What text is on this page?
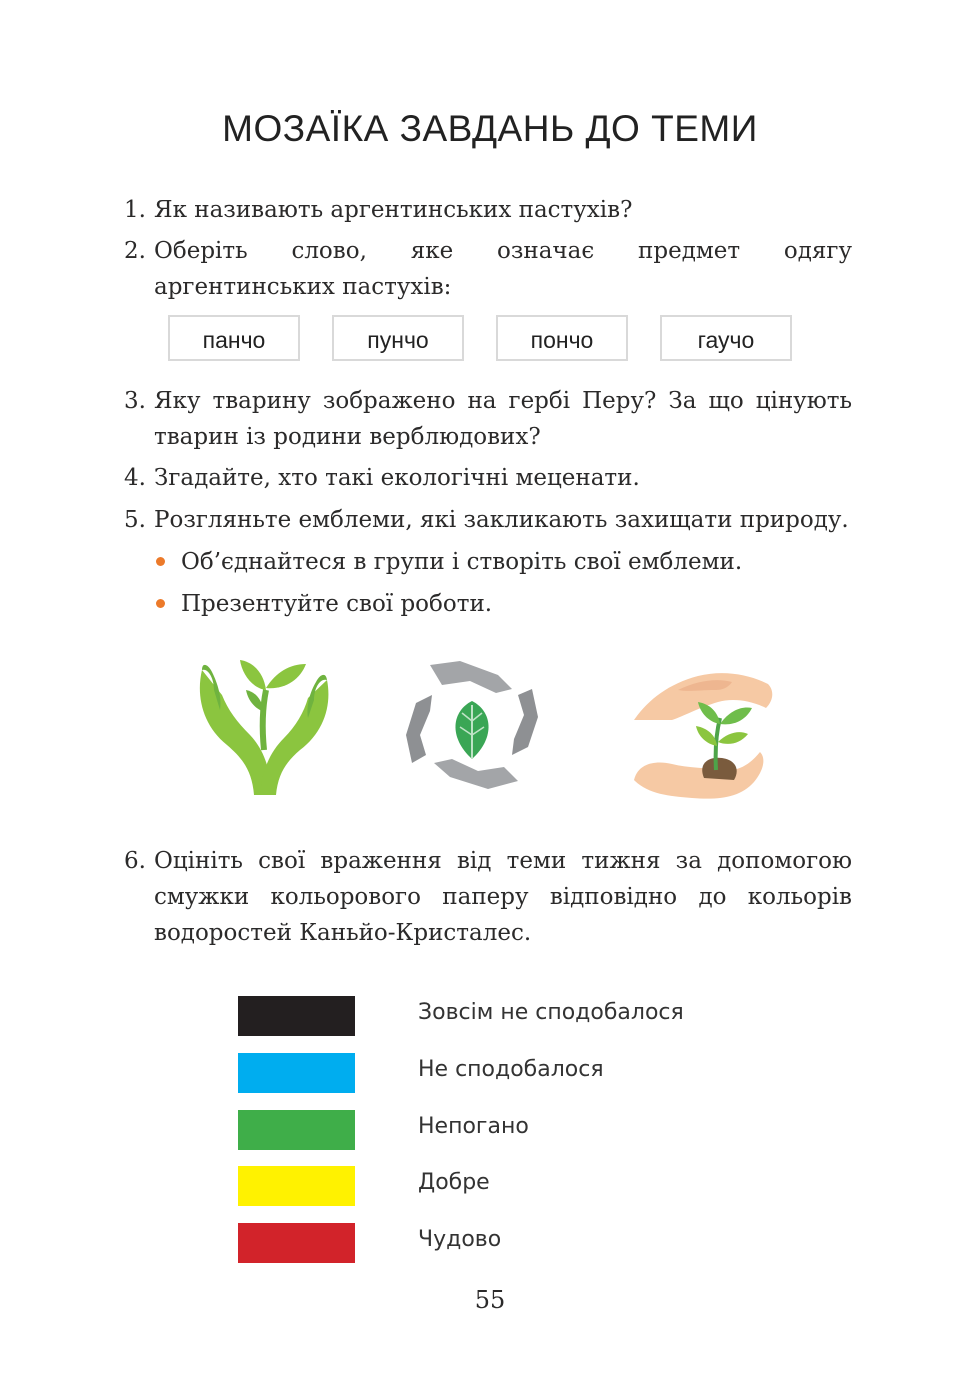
МОЗАЇКА ЗАВДАНЬ ДО ТЕМИ
1. Як називають аргентинських пастухів?
2. Оберіть слово, яке означає предмет одягу аргентинських пастухів:
панчо	пунчо	пончо	гаучо
3. Яку тварину зображено на гербі Перу? За що цінують тварин із родини верблюдових?
4. Згадайте, хто такі екологічні меценати.
5. Розгляньте емблеми, які закликають захищати природу.
Об’єднайтеся в групи і створіть свої емблеми.
Презентуйте свої роботи.
6. Оцініть свої враження від теми тижня за допомогою смужки кольорового паперу відповідно до кольорів водоростей Каньйо-Кристалес.
Зовсім не сподобалося
Не сподобалося
Непогано
Добре
Чудово
55
